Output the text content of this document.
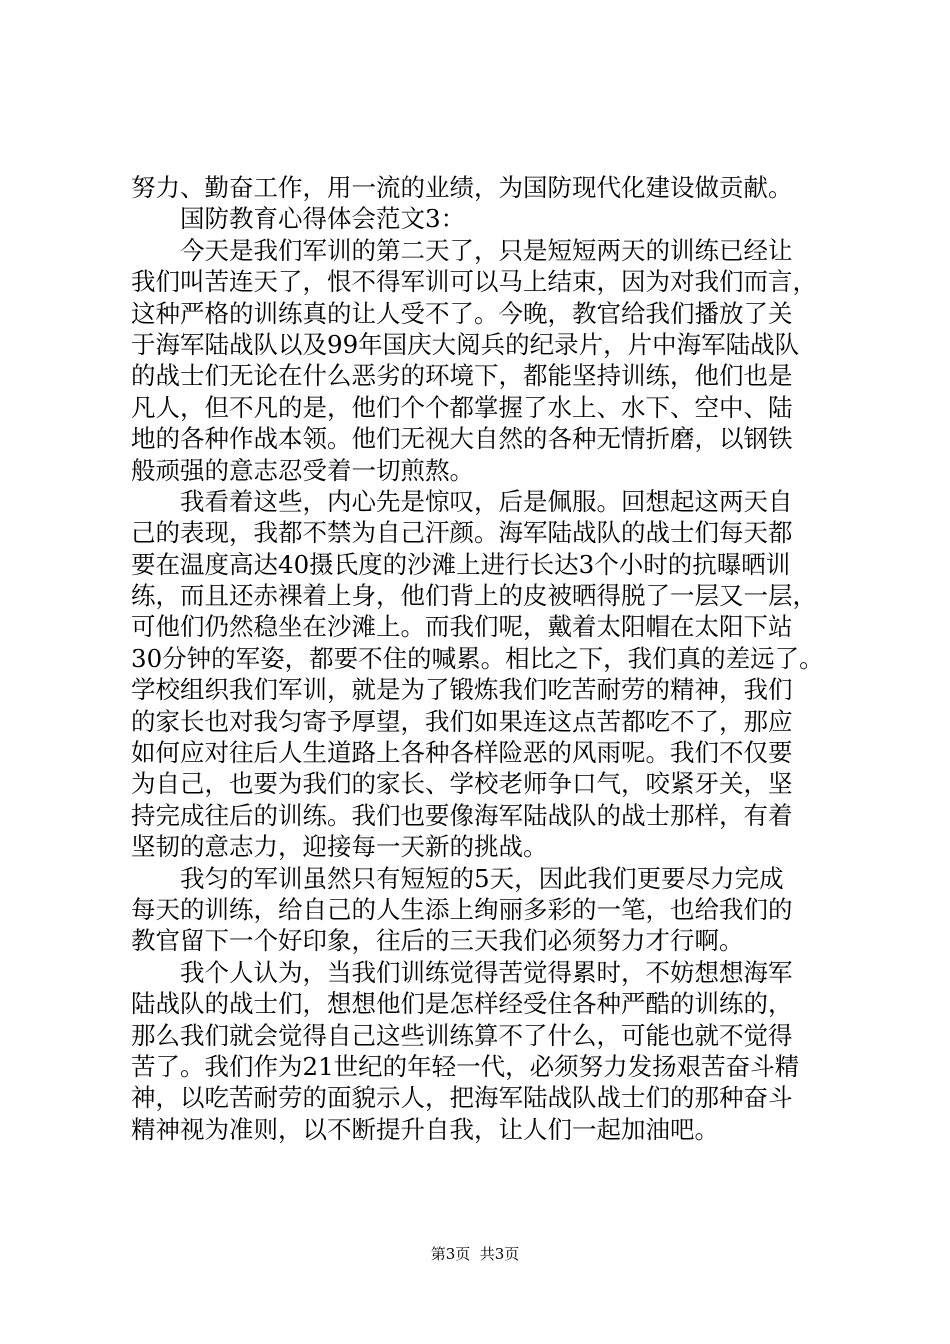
努力、勤奋工作，用一流的业绩，为国防现代化建设做贡献。
国防教育心得体会范文3：
今天是我们军训的第二天了，只是短短两天的训练已经让
我们叫苦连天了，恨不得军训可以马上结束，因为对我们而言，
这种严格的训练真的让人受不了。今晚，教官给我们播放了关
于海军陆战队以及99年国庆大阅兵的纪录片，片中海军陆战队
的战士们无论在什么恶劣的环境下，都能坚持训练，他们也是
凡人，但不凡的是，他们个个都掌握了水上、水下、空中、陆
地的各种作战本领。他们无视大自然的各种无情折磨，以钢铁
般顽强的意志忍受着一切煎熬。
我看着这些，内心先是惊叹，后是佩服。回想起这两天自
己的表现，我都不禁为自己汗颜。海军陆战队的战士们每天都
要在温度高达40摄氏度的沙滩上进行长达3个小时的抗曝晒训
练，而且还赤裸着上身，他们背上的皮被晒得脱了一层又一层，
可他们仍然稳坐在沙滩上。而我们呢，戴着太阳帽在太阳下站
30分钟的军姿，都要不住的喊累。相比之下，我们真的差远了。
学校组织我们军训，就是为了锻炼我们吃苦耐劳的精神，我们
的家长也对我匀寄予厚望，我们如果连这点苦都吃不了，那应
如何应对往后人生道路上各种各样险恶的风雨呢。我们不仅要
为自己，也要为我们的家长、学校老师争口气，咬紧牙关，坚
持完成往后的训练。我们也要像海军陆战队的战士那样，有着
坚韧的意志力，迎接每一天新的挑战。
我匀的军训虽然只有短短的5天，因此我们更要尽力完成
每天的训练，给自己的人生添上绚丽多彩的一笔，也给我们的
教官留下一个好印象，往后的三天我们必须努力才行啊。
我个人认为，当我们训练觉得苦觉得累时，不妨想想海军
陆战队的战士们，想想他们是怎样经受住各种严酷的训练的，
那么我们就会觉得自己这些训练算不了什么，可能也就不觉得
苦了。我们作为21世纪的年轻一代，必须努力发扬艰苦奋斗精
神，以吃苦耐劳的面貌示人，把海军陆战队战士们的那种奋斗
精神视为准则，以不断提升自我，让人们一起加油吧。
第3页  共3页
